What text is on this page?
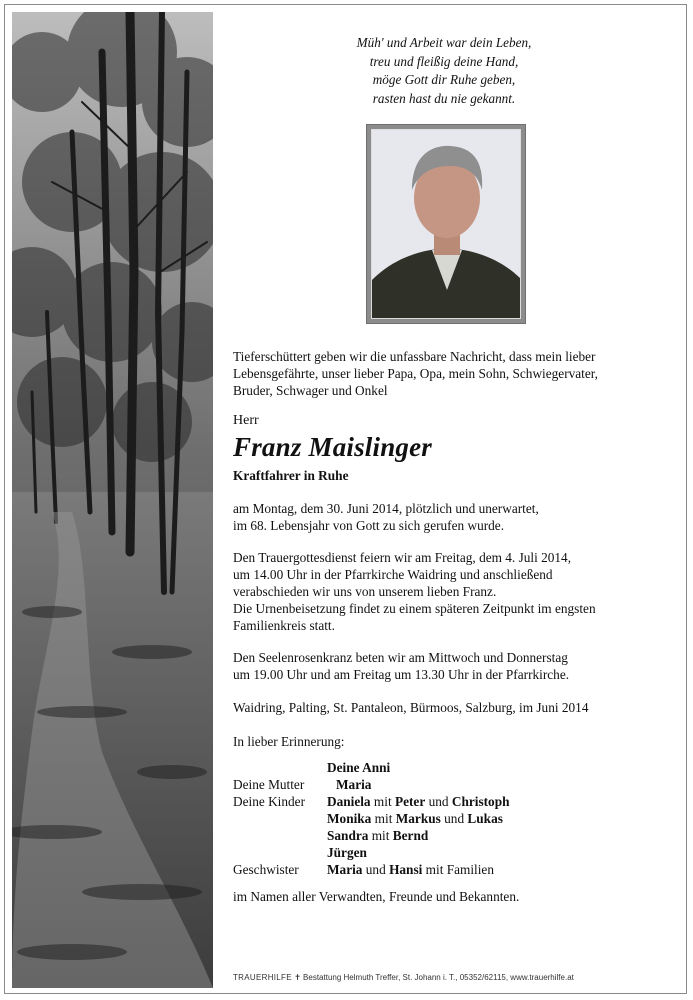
Müh' und Arbeit war dein Leben,
treu und fleißig deine Hand,
möge Gott dir Ruhe geben,
rasten hast du nie gekannt.
Tieferschüttert geben wir die unfassbare Nachricht, dass mein lieber
Lebensgefährte, unser lieber Papa, Opa, mein Sohn, Schwiegervater,
Bruder, Schwager und Onkel
Herr
Franz Maislinger
Kraftfahrer in Ruhe
am Montag, dem 30. Juni 2014, plötzlich und unerwartet,
im 68. Lebensjahr von Gott zu sich gerufen wurde.
Den Trauergottesdienst feiern wir am Freitag, dem 4. Juli 2014,
um 14.00 Uhr in der Pfarrkirche Waidring und anschließend
verabschieden wir uns von unserem lieben Franz.
Die Urnenbeisetzung findet zu einem späteren Zeitpunkt im engsten
Familienkreis statt.
Den Seelenrosenkranz beten wir am Mittwoch und Donnerstag
um 19.00 Uhr und am Freitag um 13.30 Uhr in der Pfarrkirche.
Waidring, Palting, St. Pantaleon, Bürmoos, Salzburg, im Juni 2014
In lieber Erinnerung:
Deine Anni
Deine Mutter Maria
Deine Kinder Daniela mit Peter und Christoph
Monika mit Markus und Lukas
Sandra mit Bernd
Jürgen
Geschwister Maria und Hansi mit Familien
im Namen aller Verwandten, Freunde und Bekannten.
TRAUERHILFE ✝ Bestattung Helmuth Treffer, St. Johann i. T., 05352/62115, www.trauerhilfe.at
